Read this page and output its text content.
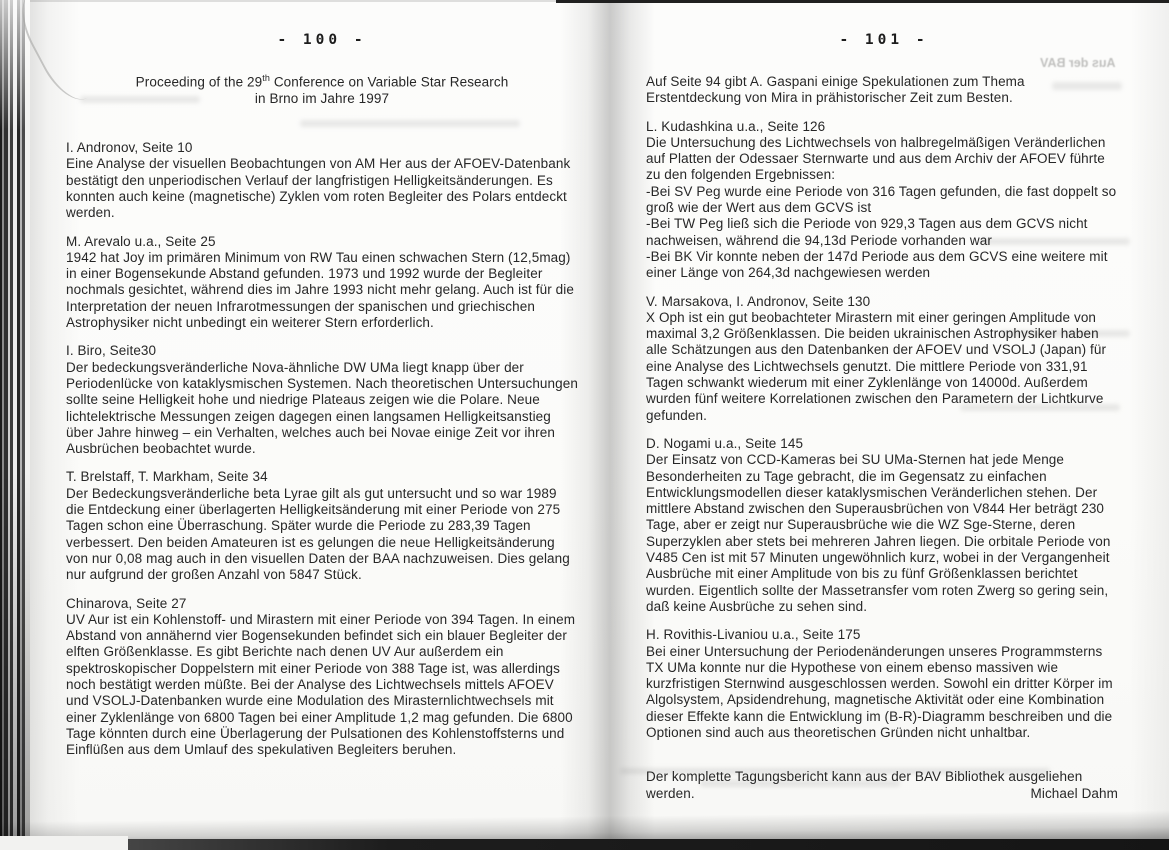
Aus der BAV
- 100 -
Proceeding of the 29th Conference on Variable Star Research
in Brno im Jahre 1997
I. Andronov, Seite 10
Eine Analyse der visuellen Beobachtungen von AM Her aus der AFOEV-Datenbank bestätigt den unperiodischen Verlauf der langfristigen Helligkeitsänderungen. Es konnten auch keine (magnetische) Zyklen vom roten Begleiter des Polars entdeckt werden.
M. Arevalo u.a., Seite 25
1942 hat Joy im primären Minimum von RW Tau einen schwachen Stern (12,5mag) in einer Bogensekunde Abstand gefunden. 1973 und 1992 wurde der Begleiter nochmals gesichtet, während dies im Jahre 1993 nicht mehr gelang. Auch ist für die Interpretation der neuen Infrarotmessungen der spanischen und griechischen Astrophysiker nicht unbedingt ein weiterer Stern erforderlich.
I. Biro, Seite30
Der bedeckungsveränderliche Nova-ähnliche DW UMa liegt knapp über der Periodenlücke von kataklysmischen Systemen. Nach theoretischen Untersuchungen sollte seine Helligkeit hohe und niedrige Plateaus zeigen wie die Polare. Neue lichtelektrische Messungen zeigen dagegen einen langsamen Helligkeitsanstieg über Jahre hinweg – ein Verhalten, welches auch bei Novae einige Zeit vor ihren Ausbrüchen beobachtet wurde.
T. Brelstaff, T. Markham, Seite 34
Der Bedeckungsveränderliche beta Lyrae gilt als gut untersucht und so war 1989 die Entdeckung einer überlagerten Helligkeitsänderung mit einer Periode von 275 Tagen schon eine Überraschung. Später wurde die Periode zu 283,39 Tagen verbessert. Den beiden Amateuren ist es gelungen die neue Helligkeitsänderung von nur 0,08 mag auch in den visuellen Daten der BAA nachzuweisen. Dies gelang nur aufgrund der großen Anzahl von 5847 Stück.
Chinarova, Seite 27
UV Aur ist ein Kohlenstoff- und Mirastern mit einer Periode von 394 Tagen. In einem Abstand von annähernd vier Bogensekunden befindet sich ein blauer Begleiter der elften Größenklasse. Es gibt Berichte nach denen UV Aur außerdem ein spektroskopischer Doppelstern mit einer Periode von 388 Tage ist, was allerdings noch bestätigt werden müßte. Bei der Analyse des Lichtwechsels mittels AFOEV und VSOLJ-Datenbanken wurde eine Modulation des Mirasternlichtwechsels mit einer Zyklenlänge von 6800 Tagen bei einer Amplitude 1,2 mag gefunden. Die 6800 Tage könnten durch eine Überlagerung der Pulsationen des Kohlenstoffsterns und Einflüßen aus dem Umlauf des spekulativen Begleiters beruhen.
- 101 -
Auf Seite 94 gibt A. Gaspani einige Spekulationen zum Thema Erstentdeckung von Mira in prähistorischer Zeit zum Besten.
L. Kudashkina u.a., Seite 126
Die Untersuchung des Lichtwechsels von halbregelmäßigen Veränderlichen auf Platten der Odessaer Sternwarte und aus dem Archiv der AFOEV führte zu den folgenden Ergebnissen:
-Bei SV Peg wurde eine Periode von 316 Tagen gefunden, die fast doppelt so groß wie der Wert aus dem GCVS ist
-Bei TW Peg ließ sich die Periode von 929,3 Tagen aus dem GCVS nicht nachweisen, während die 94,13d Periode vorhanden war
-Bei BK Vir konnte neben der 147d Periode aus dem GCVS eine weitere mit einer Länge von 264,3d nachgewiesen werden
V. Marsakova, I. Andronov, Seite 130
X Oph ist ein gut beobachteter Mirastern mit einer geringen Amplitude von maximal 3,2 Größenklassen. Die beiden ukrainischen Astrophysiker haben alle Schätzungen aus den Datenbanken der AFOEV und VSOLJ (Japan) für eine Analyse des Lichtwechsels genutzt. Die mittlere Periode von 331,91 Tagen schwankt wiederum mit einer Zyklenlänge von 14000d. Außerdem wurden fünf weitere Korrelationen zwischen den Parametern der Lichtkurve gefunden.
D. Nogami u.a., Seite 145
Der Einsatz von CCD-Kameras bei SU UMa-Sternen hat jede Menge Besonderheiten zu Tage gebracht, die im Gegensatz zu einfachen Entwicklungsmodellen dieser kataklysmischen Veränderlichen stehen. Der mittlere Abstand zwischen den Superausbrüchen von V844 Her beträgt 230 Tage, aber er zeigt nur Superausbrüche wie die WZ Sge-Sterne, deren Superzyklen aber stets bei mehreren Jahren liegen. Die orbitale Periode von V485 Cen ist mit 57 Minuten ungewöhnlich kurz, wobei in der Vergangenheit Ausbrüche mit einer Amplitude von bis zu fünf Größenklassen berichtet wurden. Eigentlich sollte der Massetransfer vom roten Zwerg so gering sein, daß keine Ausbrüche zu sehen sind.
H. Rovithis-Livaniou u.a., Seite 175
Bei einer Untersuchung der Periodenänderungen unseres Programmsterns TX UMa konnte nur die Hypothese von einem ebenso massiven wie kurzfristigen Sternwind ausgeschlossen werden. Sowohl ein dritter Körper im Algolsystem, Apsidendrehung, magnetische Aktivität oder eine Kombination dieser Effekte kann die Entwicklung im (B-R)-Diagramm beschreiben und die Optionen sind auch aus theoretischen Gründen nicht unhaltbar.
Der komplette Tagungsbericht kann aus der BAV Bibliothek ausgeliehen werden.	Michael Dahm
